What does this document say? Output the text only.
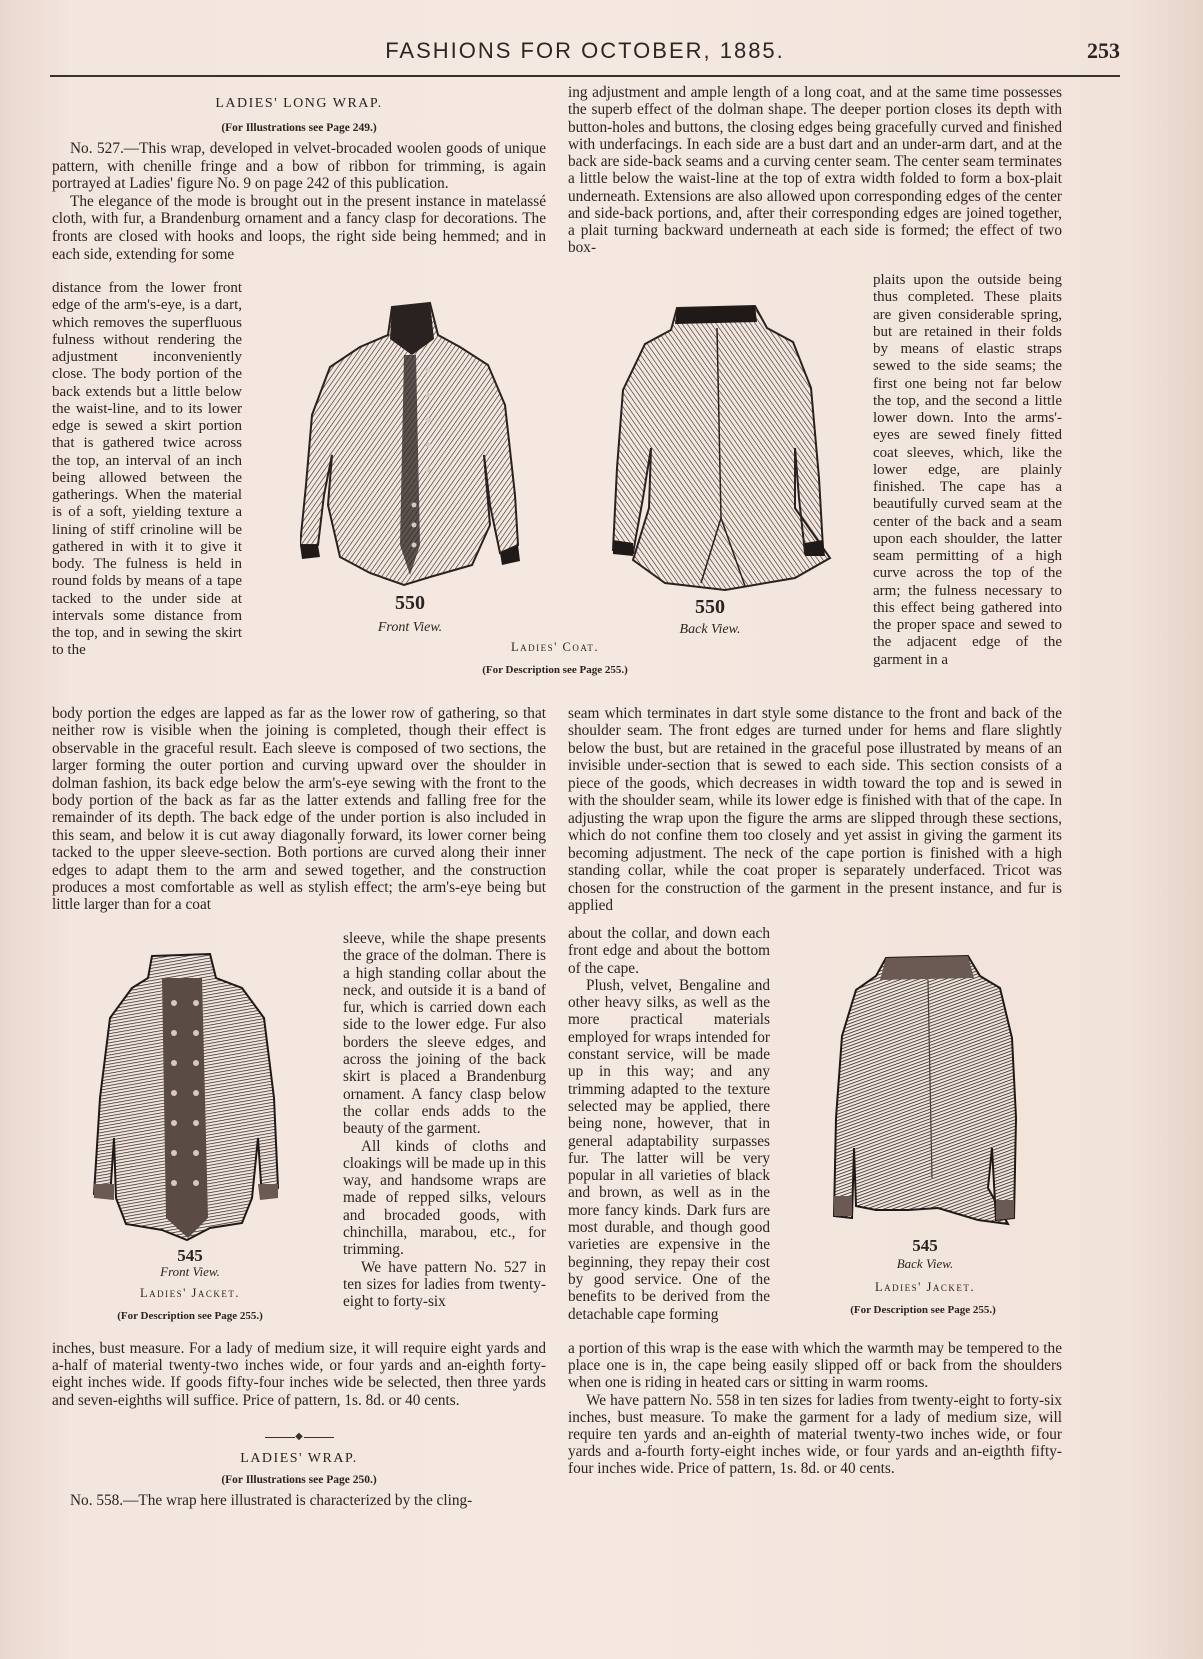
FASHIONS FOR OCTOBER, 1885.	253
LADIES' LONG WRAP.
(For Illustrations see Page 249.)

No. 527.—This wrap, developed in velvet-brocaded woolen goods of unique pattern, with chenille fringe and a bow of ribbon for trimming, is again portrayed at Ladies' figure No. 9 on page 242 of this publication.

The elegance of the mode is brought out in the present instance in matelassé cloth, with fur, a Brandenburg ornament and a fancy clasp for decorations. The fronts are closed with hooks and loops, the right side being hemmed; and in each side, extending for some

distance from the lower front edge of the arm's-eye, is a dart, which removes the superfluous fulness without rendering the adjustment inconveniently close. The body portion of the back extends but a little below the waist-line, and to its lower edge is sewed a skirt portion that is gathered twice across the top, an interval of an inch being allowed between the gatherings. When the material is of a soft, yielding texture a lining of stiff crinoline will be gathered in with it to give it body. The fulness is held in round folds by means of a tape tacked to the under side at intervals some distance from the top, and in sewing the skirt to the
body portion the edges are lapped as far as the lower row of gathering, so that neither row is visible when the joining is completed, though their effect is observable in the graceful result. Each sleeve is composed of two sections, the larger forming the outer portion and curving upward over the shoulder in dolman fashion, its back edge below the arm's-eye sewing with the front to the body portion of the back as far as the latter extends and falling free for the remainder of its depth. The back edge of the under portion is also included in this seam, and below it is cut away diagonally forward, its lower corner being tacked to the upper sleeve-section. Both portions are curved along their inner edges to adapt them to the arm and sewed together, and the construction produces a most comfortable as well as stylish effect; the arm's-eye being but little larger than for a coat

sleeve, while the shape presents the grace of the dolman. There is a high standing collar about the neck, and outside it is a band of fur, which is carried down each side to the lower edge. Fur also borders the sleeve edges, and across the joining of the back skirt is placed a Brandenburg ornament. A fancy clasp below the collar ends adds to the beauty of the garment.

All kinds of cloths and cloakings will be made up in this way, and handsome wraps are made of repped silks, velours and brocaded goods, with chinchilla, marabou, etc., for trimming.

We have pattern No. 527 in ten sizes for ladies from twenty-eight to forty-six

inches, bust measure. For a lady of medium size, it will require eight yards and a-half of material twenty-two inches wide, or four yards and an-eighth forty-eight inches wide. If goods fifty-four inches wide be selected, then three yards and seven-eighths will suffice. Price of pattern, 1s. 8d. or 40 cents.
◆
LADIES' WRAP.
(For Illustrations see Page 250.)

No. 558.—The wrap here illustrated is characterized by the cling-

ing adjustment and ample length of a long coat, and at the same time possesses the superb effect of the dolman shape. The deeper portion closes its depth with button-holes and buttons, the closing edges being gracefully curved and finished with underfacings. In each side are a bust dart and an under-arm dart, and at the back are side-back seams and a curving center seam. The center seam terminates a little below the waist-line at the top of extra width folded to form a box-plait underneath. Extensions are also allowed upon corresponding edges of the center and side-back portions, and, after their corresponding edges are joined together, a plait turning backward underneath at each side is formed; the effect of two box-
plaits upon the outside being thus completed. These plaits are given considerable spring, but are retained in their folds by means of elastic straps sewed to the side seams; the first one being not far below the top, and the second a little lower down. Into the arms'-eyes are sewed finely fitted coat sleeves, which, like the lower edge, are plainly finished. The cape has a beautifully curved seam at the center of the back and a seam upon each shoulder, the latter seam permitting of a high curve across the top of the arm; the fulness necessary to this effect being gathered into the proper space and sewed to the adjacent edge of the garment in a
seam which terminates in dart style some distance to the front and back of the shoulder seam. The front edges are turned under for hems and flare slightly below the bust, but are retained in the graceful pose illustrated by means of an invisible under-section that is sewed to each side. This section consists of a piece of the goods, which decreases in width toward the top and is sewed in with the shoulder seam, while its lower edge is finished with that of the cape. In adjusting the wrap upon the figure the arms are slipped through these sections, which do not confine them too closely and yet assist in giving the garment its becoming adjustment. The neck of the cape portion is finished with a high standing collar, while the coat proper is separately underfaced. Tricot was chosen for the construction of the garment in the present instance, and fur is applied

about the collar, and down each front edge and about the bottom of the cape.

Plush, velvet, Bengaline and other heavy silks, as well as the more practical materials employed for wraps intended for constant service, will be made up in this way; and any trimming adapted to the texture selected may be applied, there being none, however, that in general adaptability surpasses fur. The latter will be very popular in all varieties of black and brown, as well as in the more fancy kinds. Dark furs are most durable, and though good varieties are expensive in the beginning, they repay their cost by good service. One of the benefits to be derived from the detachable cape forming

a portion of this wrap is the ease with which the warmth may be tempered to the place one is in, the cape being easily slipped off or back from the shoulders when one is riding in heated cars or sitting in warm rooms.

We have pattern No. 558 in ten sizes for ladies from twenty-eight to forty-six inches, bust measure. To make the garment for a lady of medium size, will require ten yards and an-eighth of material twenty-two inches wide, or four yards and a-fourth forty-eight inches wide, or four yards and an-eigthth fifty-four inches wide. Price of pattern, 1s. 8d. or 40 cents.

550
Front View.
550
Back View.
Ladies' Coat.
(For Description see Page 255.)
545
Front View.
Ladies' Jacket.
(For Description see Page 255.)
545
Back View.
Ladies' Jacket.
(For Description see Page 255.)
